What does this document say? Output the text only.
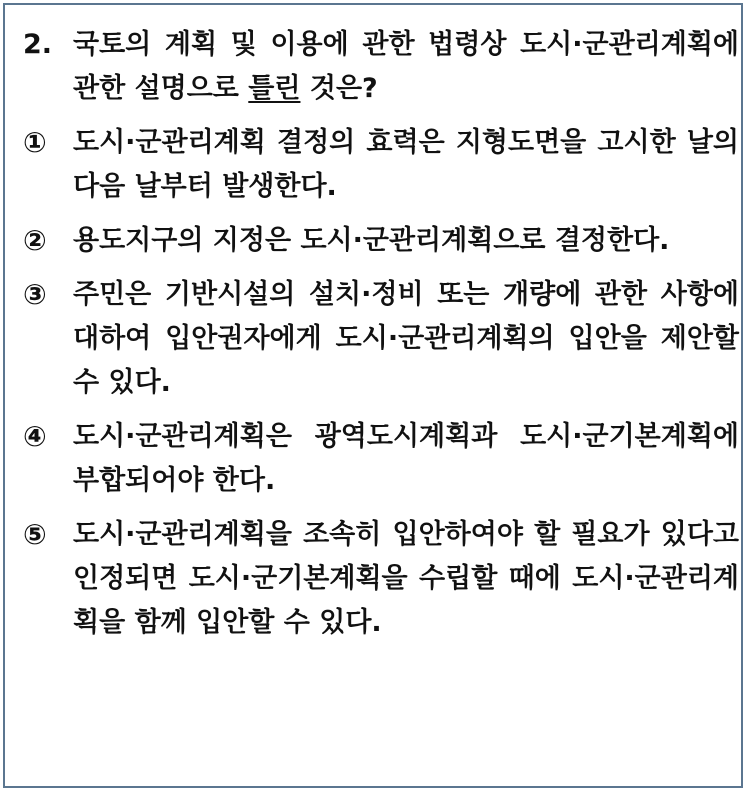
2. 국토의 계획 및 이용에 관한 법령상 도시·군관리계획에 관한 설명으로 틀린 것은?
① 도시·군관리계획 결정의 효력은 지형도면을 고시한 날의 다음 날부터 발생한다.
② 용도지구의 지정은 도시·군관리계획으로 결정한다.
③ 주민은 기반시설의 설치·정비 또는 개량에 관한 사항에 대하여 입안권자에게 도시·군관리계획의 입안을 제안할 수 있다.
④ 도시·군관리계획은 광역도시계획과 도시·군기본계획에 부합되어야 한다.
⑤ 도시·군관리계획을 조속히 입안하여야 할 필요가 있다고 인정되면 도시·군기본계획을 수립할 때에 도시·군관리계획을 함께 입안할 수 있다.
